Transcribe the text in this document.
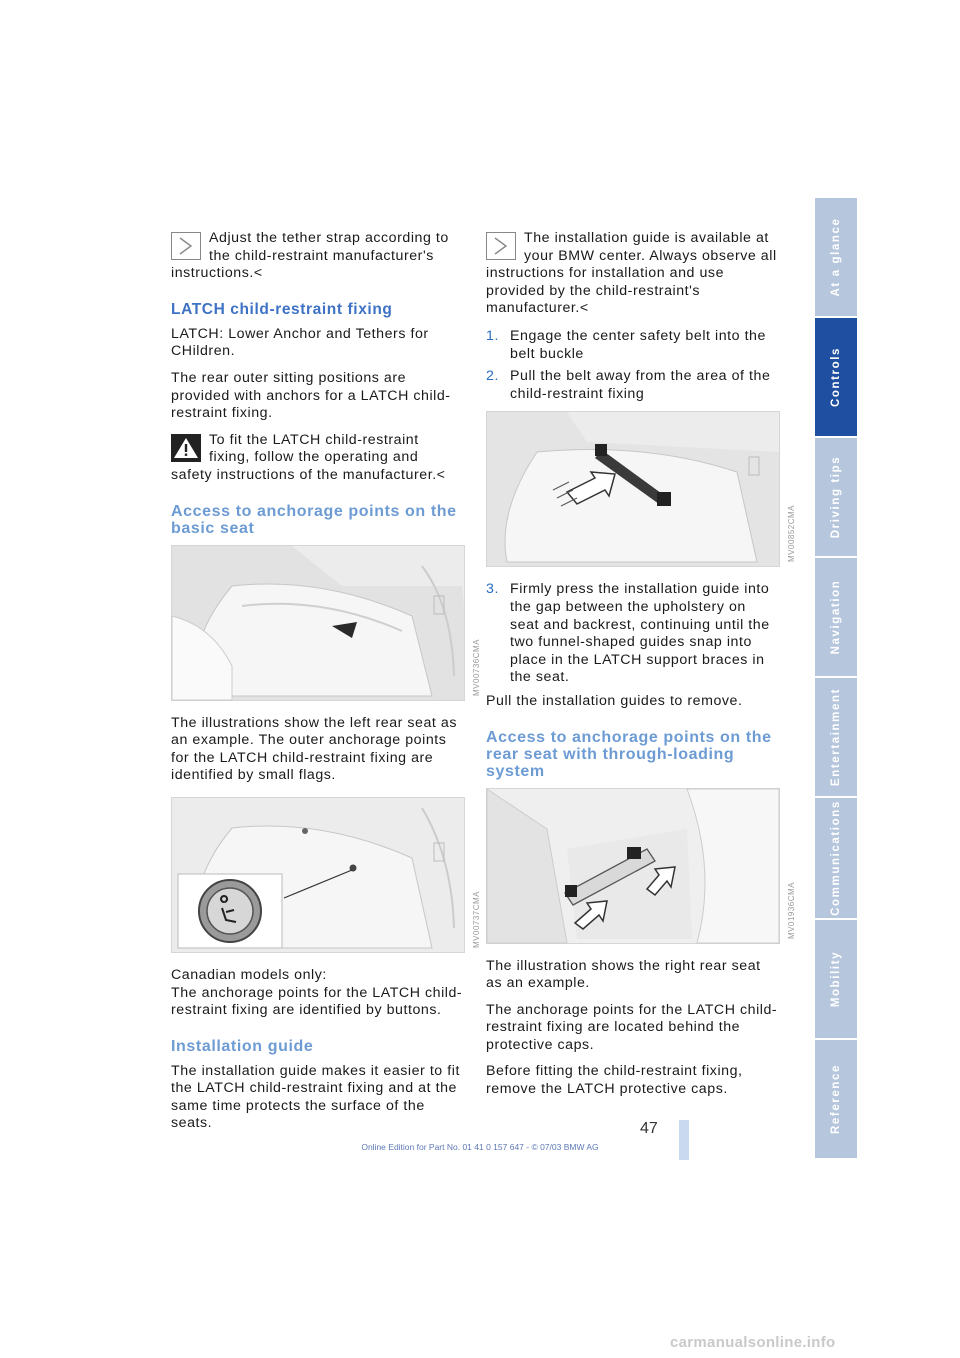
Adjust the tether strap according to the child-restraint manufacturer's instructions.<
LATCH child-restraint fixing

LATCH: Lower Anchor and Tethers for CHildren.

The rear outer sitting positions are provided with anchors for a LATCH child-restraint fixing.

To fit the LATCH child-restraint fixing, follow the operating and safety instructions of the manufacturer.<
Access to anchorage points on the basic seat
MV00736CMA

The illustrations show the left rear seat as an example. The outer anchorage points for the LATCH child-restraint fixing are identified by small flags.

MV00737CMA

Canadian models only:

The anchorage points for the LATCH child-restraint fixing are identified by buttons.

Installation guide

The installation guide makes it easier to fit the LATCH child-restraint fixing and at the same time protects the surface of the seats.

The installation guide is available at your BMW center. Always observe all instructions for installation and use provided by the child-restraint's manufacturer.<
1. Engage the center safety belt into the belt buckle
2. Pull the belt away from the area of the child-restraint fixing
MV00852CMA
3. Firmly press the installation guide into the gap between the upholstery on seat and backrest, continuing until the two funnel-shaped guides snap into place in the LATCH support braces in the seat.

Pull the installation guides to remove.

Access to anchorage points on the rear seat with through-loading system
MV01936CMA

The illustration shows the right rear seat as an example.

The anchorage points for the LATCH child-restraint fixing are located behind the protective caps.

Before fitting the child-restraint fixing, remove the LATCH protective caps.

At a glance
Controls
Driving tips
Navigation
Entertainment
Communications
Mobility
Reference
47
Online Edition for Part No. 01 41 0 157 647 - © 07/03 BMW AG
carmanualsonline.info
